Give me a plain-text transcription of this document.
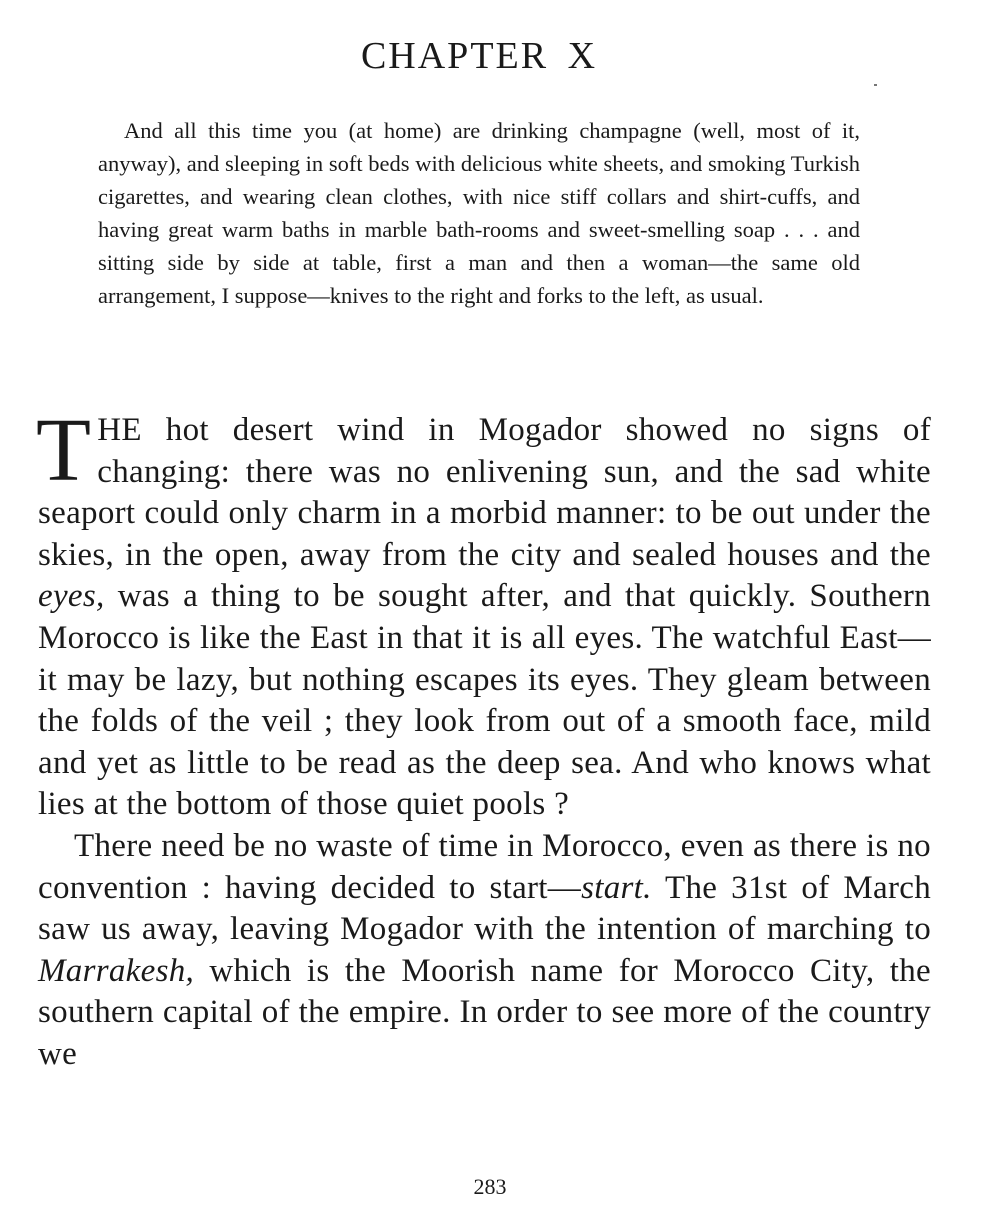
CHAPTER X

And all this time you (at home) are drinking champagne (well, most of it, anyway), and sleeping in soft beds with delicious white sheets, and smoking Turkish cigarettes, and wearing clean clothes, with nice stiff collars and shirt-cuffs, and having great warm baths in marble bath-rooms and sweet-smelling soap . . . and sitting side by side at table, first a man and then a woman—the same old arrangement, I suppose—knives to the right and forks to the left, as usual.

THE hot desert wind in Mogador showed no signs of changing: there was no enlivening sun, and the sad white seaport could only charm in a morbid manner: to be out under the skies, in the open, away from the city and sealed houses and the eyes, was a thing to be sought after, and that quickly. Southern Morocco is like the East in that it is all eyes. The watchful East—it may be lazy, but nothing escapes its eyes. They gleam between the folds of the veil ; they look from out of a smooth face, mild and yet as little to be read as the deep sea. And who knows what lies at the bottom of those quiet pools ?

There need be no waste of time in Morocco, even as there is no convention : having decided to start—start. The 31st of March saw us away, leaving Mogador with the intention of marching to Marrakesh, which is the Moorish name for Morocco City, the southern capital of the empire. In order to see more of the country we

283
